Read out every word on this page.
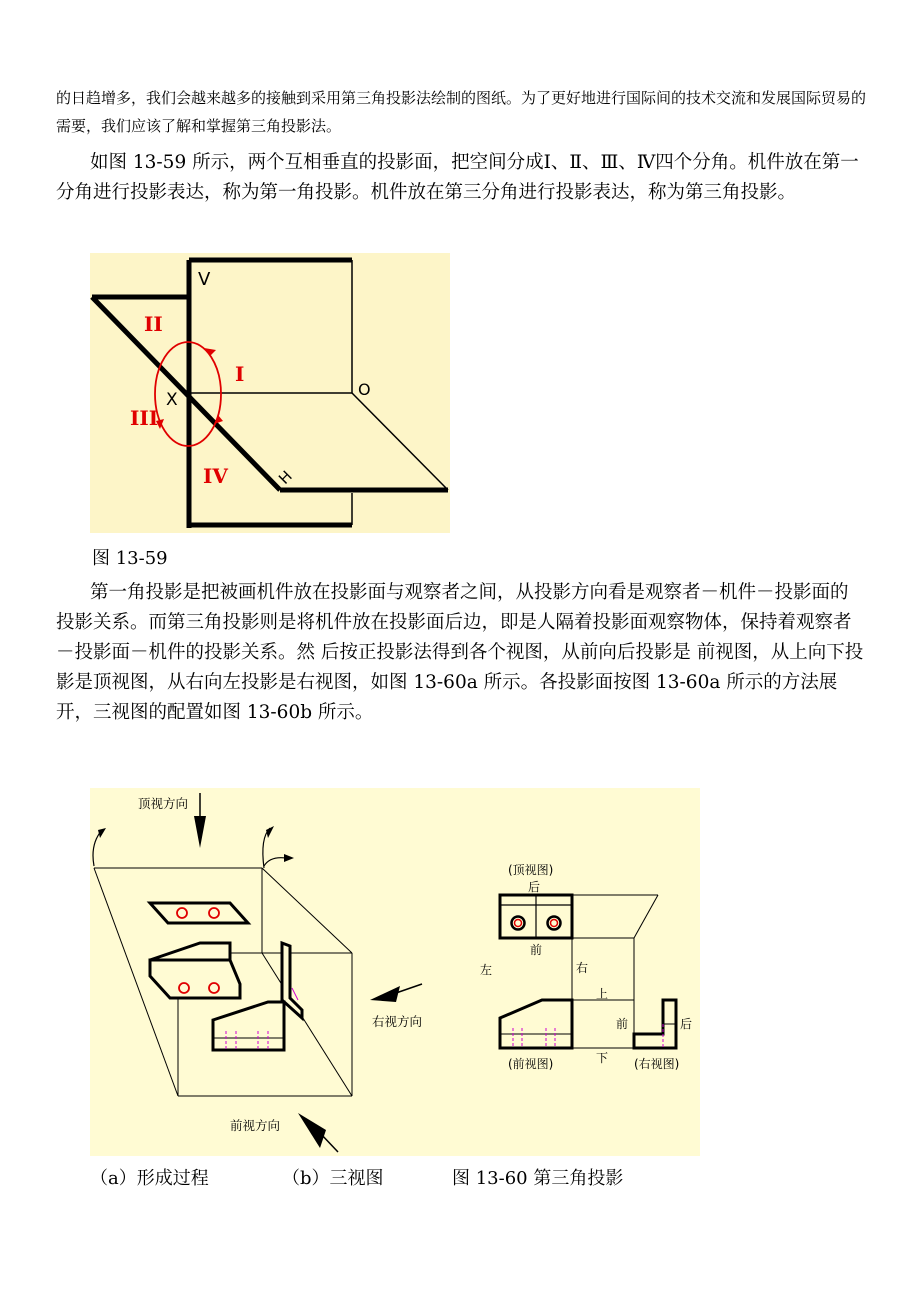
的日趋增多，我们会越来越多的接触到采用第三角投影法绘制的图纸。为了更好地进行国际间的技术交流和发展国际贸易的需要，我们应该了解和掌握第三角投影法。

如图 13-59 所示，两个互相垂直的投影面，把空间分成Ⅰ、Ⅱ、Ⅲ、Ⅳ四个分角。机件放在第一分角进行投影表达，称为第一角投影。机件放在第三分角进行投影表达，称为第三角投影。

V
O
X
H
II
I
III
IV
图 13-59

第一角投影是把被画机件放在投影面与观察者之间，从投影方向看是观察者－机件－投影面的投影关系。而第三角投影则是将机件放在投影面后边，即是人隔着投影面观察物体，保持着观察者－投影面－机件的投影关系。然 后按正投影法得到各个视图，从前向后投影是 前视图，从上向下投影是顶视图，从右向左投影是右视图，如图 13-60a 所示。各投影面按图 13-60a 所示的方法展开，三视图的配置如图 13-60b 所示。

顶视方向
右视方向
前视方向
(顶视图)
后
前
左	右
上
前	后
下
(前视图)	(右视图)
（a）形成过程	（b）三视图	图 13-60 第三角投影
